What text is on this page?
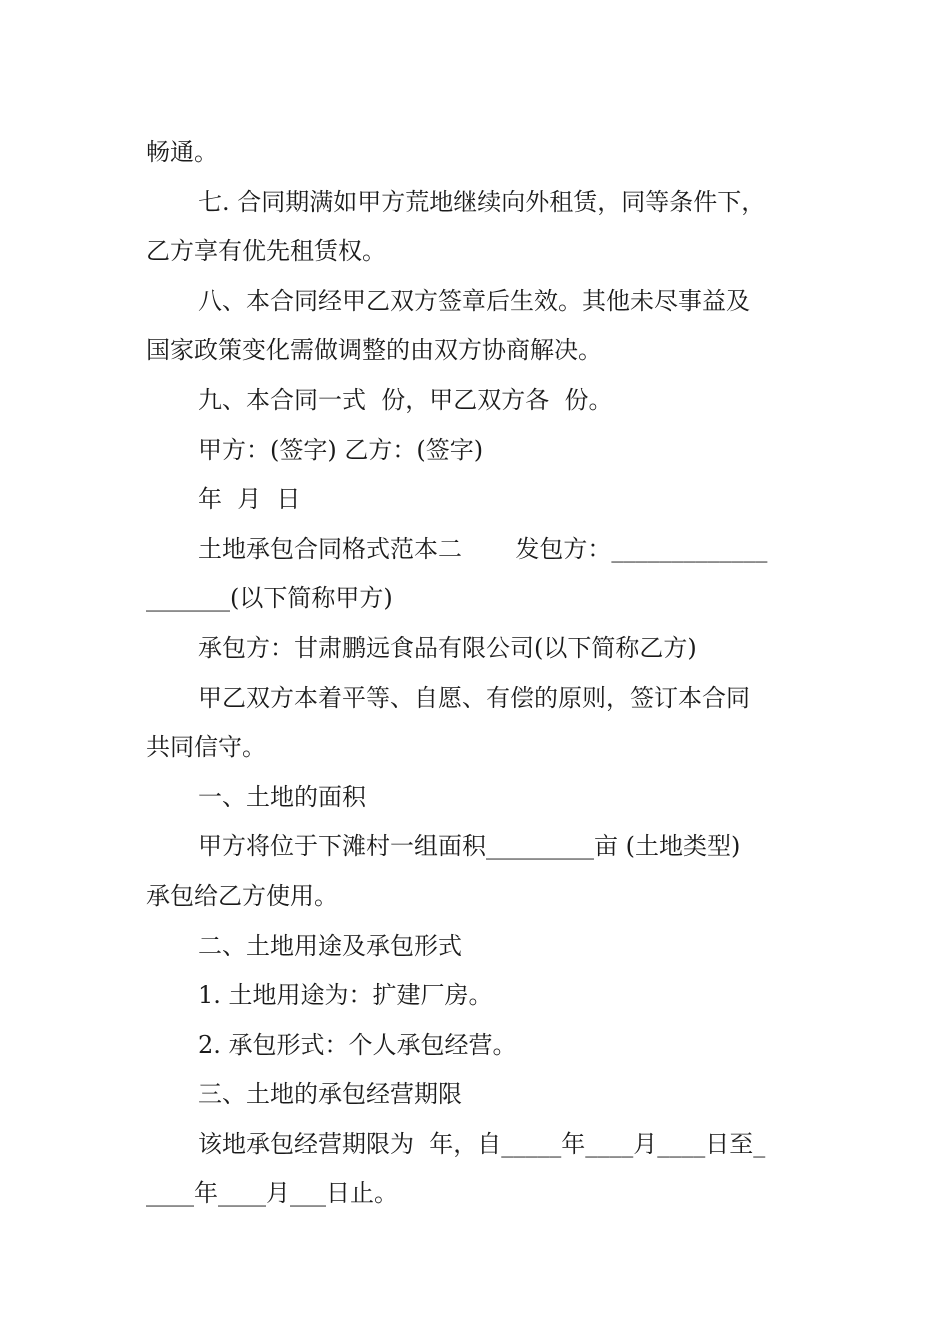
畅通。
七. 合同期满如甲方荒地继续向外租赁，同等条件下，
乙方享有优先租赁权。
八、本合同经甲乙双方签章后生效。其他未尽事益及
国家政策变化需做调整的由双方协商解决。
九、本合同一式  份，甲乙双方各  份。
甲方：(签字) 乙方：(签字)
年  月  日
土地承包合同格式范本二       发包方：_____________
_______(以下简称甲方)
承包方：甘肃鹏远食品有限公司(以下简称乙方)
甲乙双方本着平等、自愿、有偿的原则，签订本合同
共同信守。
一、土地的面积
甲方将位于下滩村一组面积_________亩 (土地类型)
承包给乙方使用。
二、土地用途及承包形式
1. 土地用途为：扩建厂房。
2. 承包形式：个人承包经营。
三、土地的承包经营期限
该地承包经营期限为  年，自_____年____月____日至_
____年____月___日止。
